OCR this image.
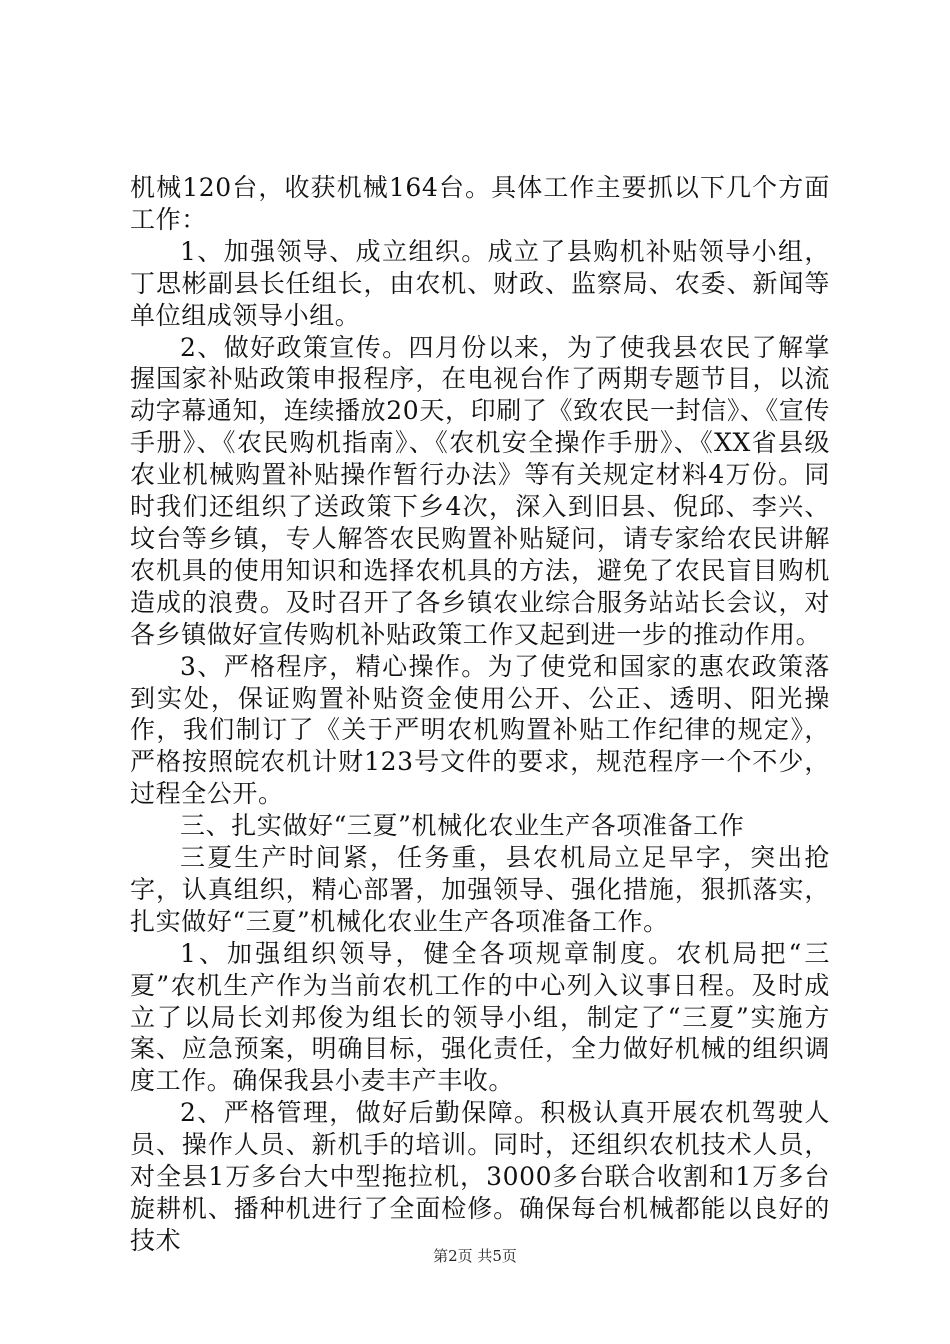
机械120台，收获机械164台。具体工作主要抓以下几个方面工作：

1、加强领导、成立组织。成立了县购机补贴领导小组，丁思彬副县长任组长，由农机、财政、监察局、农委、新闻等单位组成领导小组。

2、做好政策宣传。四月份以来，为了使我县农民了解掌握国家补贴政策申报程序，在电视台作了两期专题节目，以流动字幕通知，连续播放20天，印刷了《致农民一封信》、《宣传手册》、《农民购机指南》、《农机安全操作手册》、《XX省县级农业机械购置补贴操作暂行办法》等有关规定材料4万份。同时我们还组织了送政策下乡4次，深入到旧县、倪邱、李兴、坟台等乡镇，专人解答农民购置补贴疑问，请专家给农民讲解农机具的使用知识和选择农机具的方法，避免了农民盲目购机造成的浪费。及时召开了各乡镇农业综合服务站站长会议，对各乡镇做好宣传购机补贴政策工作又起到进一步的推动作用。

3、严格程序，精心操作。为了使党和国家的惠农政策落到实处，保证购置补贴资金使用公开、公正、透明、阳光操作，我们制订了《关于严明农机购置补贴工作纪律的规定》，严格按照皖农机计财123号文件的要求，规范程序一个不少，过程全公开。

三、扎实做好“三夏”机械化农业生产各项准备工作

三夏生产时间紧，任务重，县农机局立足早字，突出抢字，认真组织，精心部署，加强领导、强化措施，狠抓落实，扎实做好“三夏”机械化农业生产各项准备工作。

1、加强组织领导，健全各项规章制度。农机局把“三夏”农机生产作为当前农机工作的中心列入议事日程。及时成立了以局长刘邦俊为组长的领导小组，制定了“三夏”实施方案、应急预案，明确目标，强化责任，全力做好机械的组织调度工作。确保我县小麦丰产丰收。

2、严格管理，做好后勤保障。积极认真开展农机驾驶人员、操作人员、新机手的培训。同时，还组织农机技术人员，对全县1万多台大中型拖拉机，3000多台联合收割和1万多台旋耕机、播种机进行了全面检修。确保每台机械都能以良好的技术

第2页 共5页
